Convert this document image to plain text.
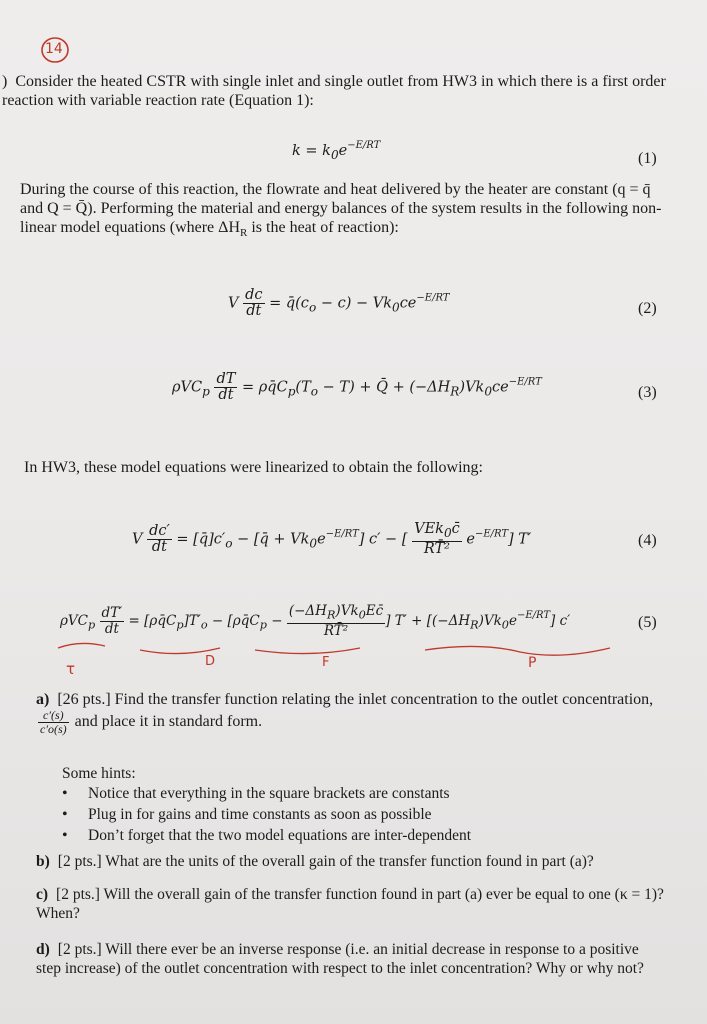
14
) Consider the heated CSTR with single inlet and single outlet from HW3 in which there is a first order reaction with variable reaction rate (Equation 1):
$k = k_0e^{-E/RT}$
(1)
During the course of this reaction, the flowrate and heat delivered by the heater are constant (q = q̄ and Q = Q̄). Performing the material and energy balances of the system results in the following non-linear model equations (where $\Delta H_R$ is the heat of reaction):
V $\frac{dc}{dt}$ = $q̄(c_o - c) - Vk_0ce^{-E/RT}$
(2)
$\rho VC_p \frac{dT}{dt}$ = $\rho q̄C_p(T_o - T)$ + Q̄ + $(-\Delta H_R)Vk_0ce^{-E/RT}$
(3)
In HW3, these model equations were linearized to obtain the following:
V $\frac{dc'}{dt}$ = $[q̄]c'_o$ − [q̄ + $Vk_0e^{-E/RT}$] c′ − [ $\frac{VEk_0c̄}{\text{RT̄²}} e^{-E/RT}$] T′	(4)
$\rho VC_p \frac{dT'}{dt}$ = $[\rho q̄C_p]T'_o$ − [$\rho q̄C_p - \frac{(-\Delta H_R)Vk_0Ec̄}{\text{RT̄²}}$ ] $T' + [(-\Delta H_R)Vk_0e^{-E/RT}]$ c′	(5)
τ	D	F	P
a) [26 pts.] Find the transfer function relating the inlet concentration to the outlet concentration,
$\frac{c'(s)}{c'o(s)}$ and place it in standard form.
Some hints:
• Notice that everything in the square brackets are constants
• Plug in for gains and time constants as soon as possible
• Don’t forget that the two model equations are inter-dependent
b) [2 pts.] What are the units of the overall gain of the transfer function found in part (a)?
c) [2 pts.] Will the overall gain of the transfer function found in part (a) ever be equal to one (κ = 1)? When?
d) [2 pts.] Will there ever be an inverse response (i.e. an initial decrease in response to a positive step increase) of the outlet concentration with respect to the inlet concentration? Why or why not?
